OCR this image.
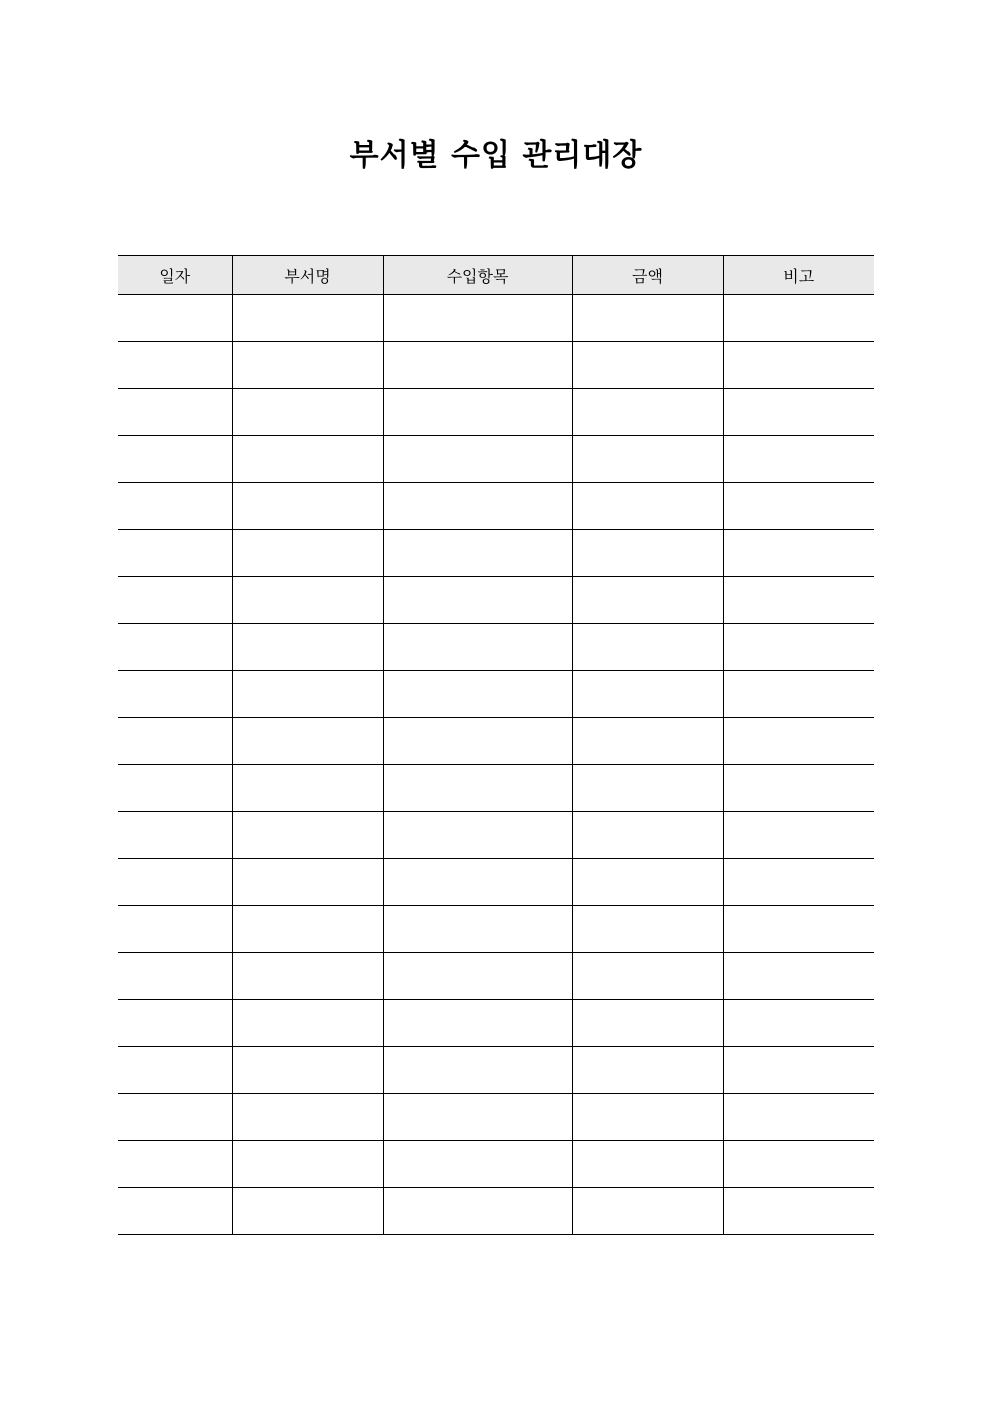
부서별 수입 관리대장
일자	부서명	수입항목	금액	비고
